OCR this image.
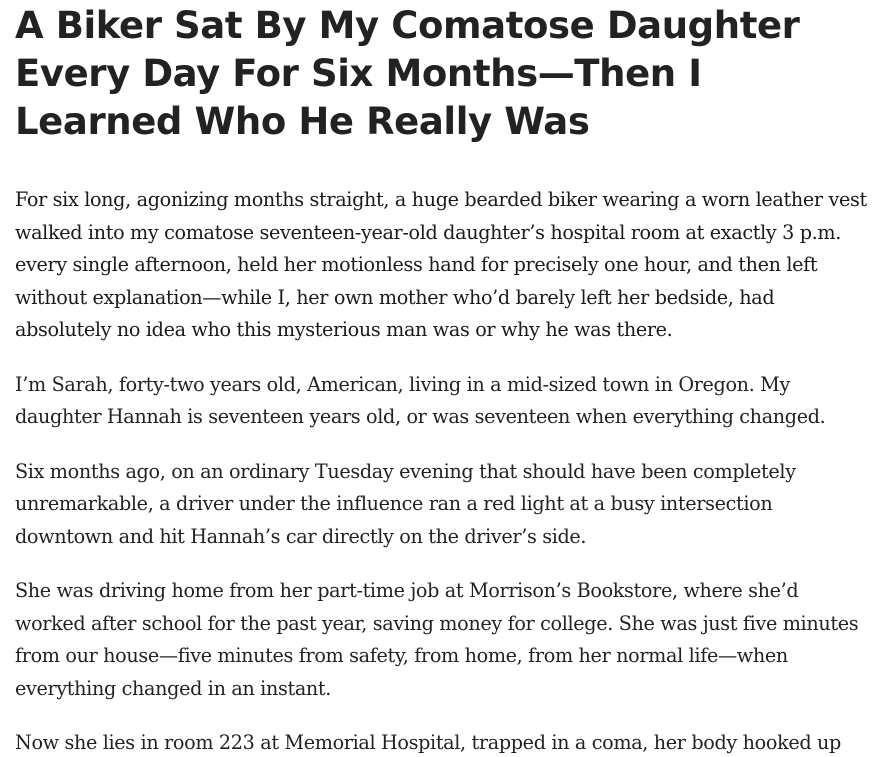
A Biker Sat By My Comatose Daughter Every Day For Six Months—Then I Learned Who He Really Was

For six long, agonizing months straight, a huge bearded biker wearing a worn leather vest walked into my comatose seventeen-year-old daughter’s hospital room at exactly 3 p.m. every single afternoon, held her motionless hand for precisely one hour, and then left without explanation—while I, her own mother who’d barely left her bedside, had absolutely no idea who this mysterious man was or why he was there.

I’m Sarah, forty-two years old, American, living in a mid-sized town in Oregon. My daughter Hannah is seventeen years old, or was seventeen when everything changed.

Six months ago, on an ordinary Tuesday evening that should have been completely unremarkable, a driver under the influence ran a red light at a busy intersection downtown and hit Hannah’s car directly on the driver’s side.

She was driving home from her part-time job at Morrison’s Bookstore, where she’d worked after school for the past year, saving money for college. She was just five minutes from our house—five minutes from safety, from home, from her normal life—when everything changed in an instant.

Now she lies in room 223 at Memorial Hospital, trapped in a coma, her body hooked up
